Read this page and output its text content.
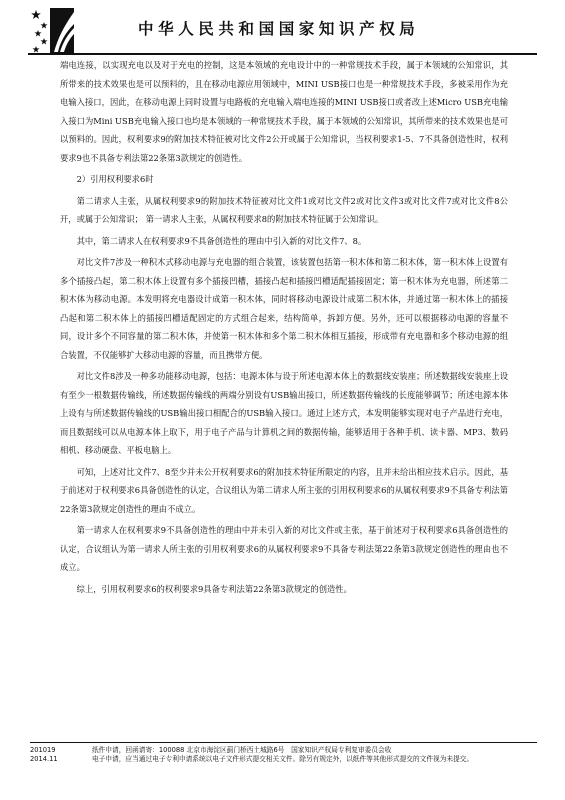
中华人民共和国国家知识产权局

端电连接，以实现充电以及对于充电的控制，这是本领域的充电设计中的一种常规技术手段，属于本领域的公知常识，其所带来的技术效果也是可以预料的，且在移动电源应用领域中，MINI USB接口也是一种常规技术手段，多被采用作为充电输入接口，因此，在移动电源上同时设置与电路板的充电输入端电连接的MINI USB接口或者改上述Micro USB充电输入接口为Mini USB充电输入接口也均是本领域的一种常规技术手段，属于本领域的公知常识，其所带来的技术效果也是可以预料的。因此，权利要求9的附加技术特征被对比文件2公开或属于公知常识，当权利要求1-5、7不具备创造性时，权利要求9也不具备专利法第22条第3款规定的创造性。

2）引用权利要求6时

第二请求人主张，从属权利要求9的附加技术特征被对比文件1或对比文件2或对比文件3或对比文件7或对比文件8公开，或属于公知常识； 第一请求人主张，从属权利要求8的附加技术特征属于公知常识。

其中，第二请求人在权利要求9不具备创造性的理由中引入新的对比文件7、8。

对比文件7涉及一种积木式移动电源与充电器的组合装置，该装置包括第一积木体和第二积木体，第一积木体上设置有多个插接凸起，第二积木体上设置有多个插接凹槽，插接凸起和插接凹槽适配插接固定；第一积木体为充电器，所述第二积木体为移动电源。本发明将充电器设计成第一积木体，同时将移动电源设计成第二积木体，并通过第一积木体上的插接凸起和第二积木体上的插接凹槽适配固定的方式组合起来，结构简单，拆卸方便。另外，还可以根据移动电源的容量不同，设计多个不同容量的第二积木体，并使第一积木体和多个第二积木体相互插接，形成带有充电器和多个移动电源的组合装置，不仅能够扩大移动电源的容量，而且携带方便。

对比文件8涉及一种多功能移动电源，包括：电源本体与设于所述电源本体上的数据线安装座；所述数据线安装座上设有至少一根数据传输线，所述数据传输线的两端分别设有USB输出接口，所述数据传输线的长度能够调节；所述电源本体上设有与所述数据传输线的USB输出接口相配合的USB输入接口。通过上述方式，本发明能够实现对电子产品进行充电，而且数据线可以从电源本体上取下，用于电子产品与计算机之间的数据传输，能够适用于各种手机、读卡器、MP3、数码相机、移动硬盘、平板电脑上。

可知，上述对比文件7、8至少并未公开权利要求6的附加技术特征所限定的内容，且并未给出相应技术启示。因此，基于前述对于权利要求6具备创造性的认定，合议组认为第二请求人所主张的引用权利要求6的从属权利要求9不具备专利法第22条第3款规定创造性的理由不成立。

第一请求人在权利要求9不具备创造性的理由中并未引入新的对比文件或主张，基于前述对于权利要求6具备创造性的认定，合议组认为第一请求人所主张的引用权利要求6的从属权利要求9不具备专利法第22条第3款规定创造性的理由也不成立。

综上，引用权利要求6的权利要求9具备专利法第22条第3款规定的创造性。

201019	纸件申请，回函请寄：100088 北京市海淀区蓟门桥西土城路6号　国家知识产权局专利复审委员会收
2014.11	电子申请，应当通过电子专利申请系统以电子文件形式提交相关文件。除另有规定外，以纸件等其他形式提交的文件视为未提交。
